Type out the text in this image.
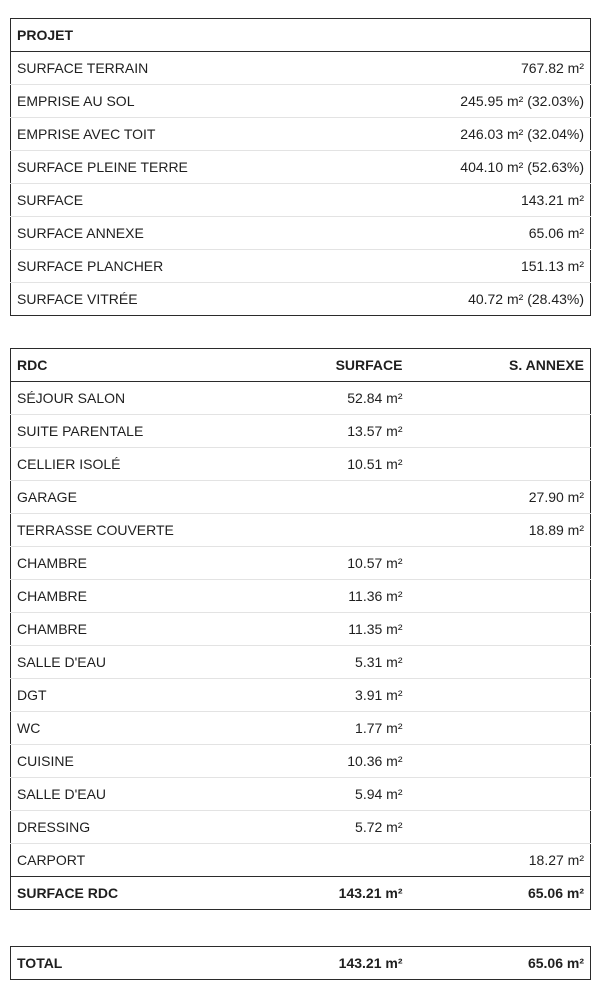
PROJET	
SURFACE TERRAIN	767.82 m²
EMPRISE AU SOL	245.95 m² (32.03%)
EMPRISE AVEC TOIT	246.03 m² (32.04%)
SURFACE PLEINE TERRE	404.10 m² (52.63%)
SURFACE	143.21 m²
SURFACE ANNEXE	65.06 m²
SURFACE PLANCHER	151.13 m²
SURFACE VITRÉE	40.72 m² (28.43%)
RDC	SURFACE	S. ANNEXE
SÉJOUR SALON	52.84 m²	
SUITE PARENTALE	13.57 m²	
CELLIER ISOLÉ	10.51 m²	
GARAGE		27.90 m²
TERRASSE COUVERTE		18.89 m²
CHAMBRE	10.57 m²	
CHAMBRE	11.36 m²	
CHAMBRE	11.35 m²	
SALLE D'EAU	5.31 m²	
DGT	3.91 m²	
WC	1.77 m²	
CUISINE	10.36 m²	
SALLE D'EAU	5.94 m²	
DRESSING	5.72 m²	
CARPORT		18.27 m²
SURFACE RDC	143.21 m²	65.06 m²
TOTAL	143.21 m²	65.06 m²
